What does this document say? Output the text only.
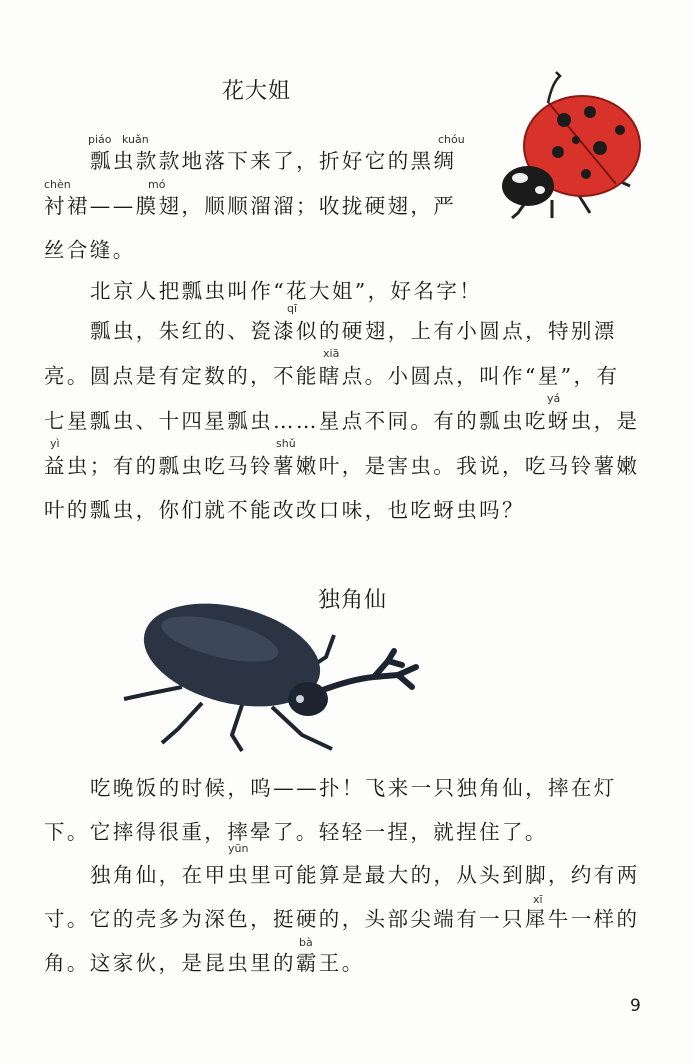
花大姐
piáo kuǎn	chóu
chèn	mó
qī
xiā
yá
yì	shǔ
瓢虫款款地落下来了，折好它的黑绸
衬裙——膜翅，顺顺溜溜；收拢硬翅，严
丝合缝。
北京人把瓢虫叫作“花大姐”，好名字！
瓢虫，朱红的、瓷漆似的硬翅，上有小圆点，特别漂
亮。圆点是有定数的，不能瞎点。小圆点，叫作“星”，有
七星瓢虫、十四星瓢虫……星点不同。有的瓢虫吃蚜虫，是
益虫；有的瓢虫吃马铃薯嫩叶，是害虫。我说，吃马铃薯嫩
叶的瓢虫，你们就不能改改口味，也吃蚜虫吗？
独角仙
yūn
xī
bà
吃晚饭的时候，呜——扑！飞来一只独角仙，摔在灯
下。它摔得很重，摔晕了。轻轻一捏，就捏住了。
独角仙，在甲虫里可能算是最大的，从头到脚，约有两
寸。它的壳多为深色，挺硬的，头部尖端有一只犀牛一样的
角。这家伙，是昆虫里的霸王。
9
